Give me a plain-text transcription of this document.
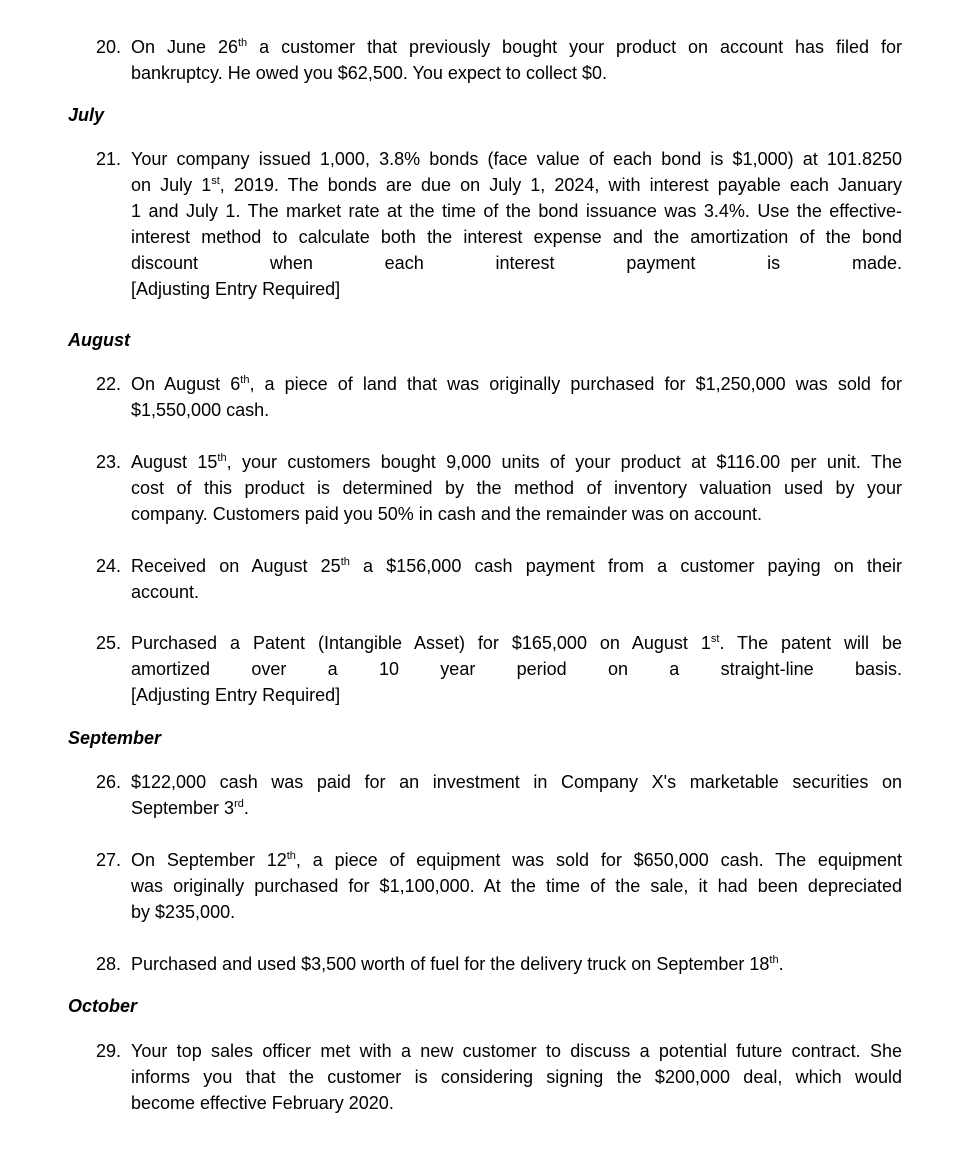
20. On June 26th a customer that previously bought your product on account has filed for
bankruptcy. He owed you $62,500. You expect to collect $0.
July
21. Your company issued 1,000, 3.8% bonds (face value of each bond is $1,000) at 101.8250
on July 1st, 2019. The bonds are due on July 1, 2024, with interest payable each January
1 and July 1. The market rate at the time of the bond issuance was 3.4%. Use the effective-
interest method to calculate both the interest expense and the amortization of the bond
discount when each interest payment is made.
[Adjusting Entry Required]
August
22. On August 6th, a piece of land that was originally purchased for $1,250,000 was sold for
$1,550,000 cash.
23. August 15th, your customers bought 9,000 units of your product at $116.00 per unit. The
cost of this product is determined by the method of inventory valuation used by your
company. Customers paid you 50% in cash and the remainder was on account.
24. Received on August 25th a $156,000 cash payment from a customer paying on their
account.
25. Purchased a Patent (Intangible Asset) for $165,000 on August 1st. The patent will be
amortized over a 10 year period on a straight-line basis.
[Adjusting Entry Required]
September
26. $122,000 cash was paid for an investment in Company X's marketable securities on
September 3rd.
27. On September 12th, a piece of equipment was sold for $650,000 cash. The equipment
was originally purchased for $1,100,000. At the time of the sale, it had been depreciated
by $235,000.
28. Purchased and used $3,500 worth of fuel for the delivery truck on September 18th.
October
29. Your top sales officer met with a new customer to discuss a potential future contract. She
informs you that the customer is considering signing the $200,000 deal, which would
become effective February 2020.
